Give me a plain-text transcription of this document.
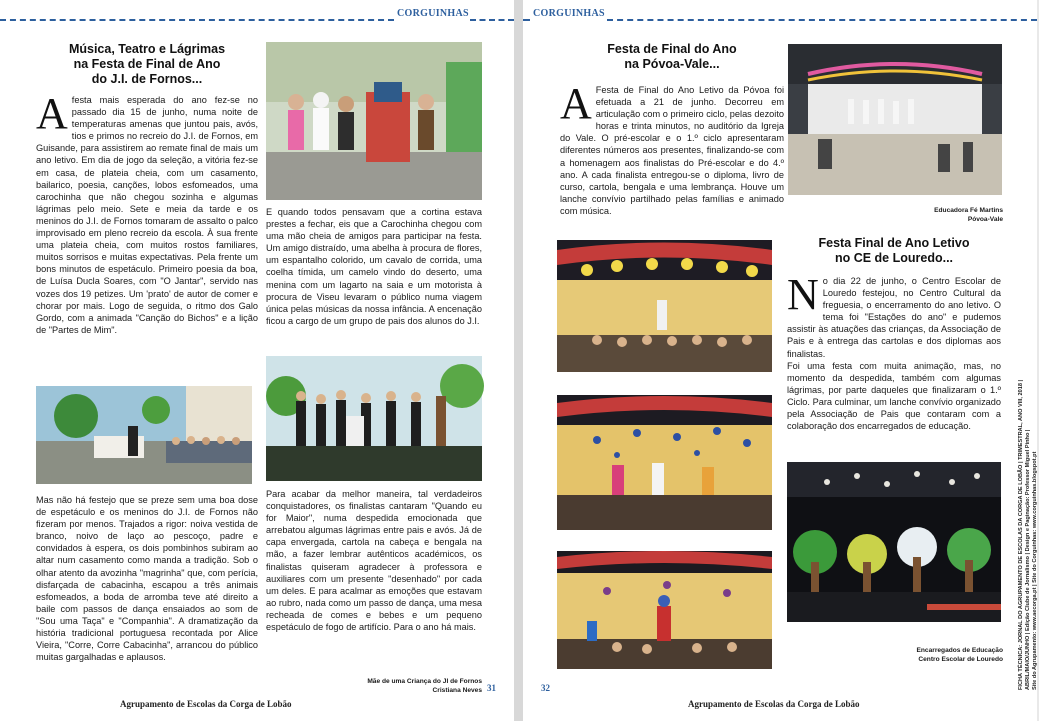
CORGUINHAS
Música, Teatro e Lágrimas
na Festa de Final de Ano
do J.I. de Fornos...

Afesta mais esperada do ano fez-se no passado dia 15 de junho, numa noite de temperaturas amenas que juntou pais, avós, tios e primos no recreio do J.I. de Fornos, em Guisande, para assistirem ao remate final de mais um ano letivo. Em dia de jogo da seleção, a vitória fez-se em casa, de plateia cheia, com um casamento, bailarico, poesia, canções, lobos esfomeados, uma carochinha que não chegou sozinha e algumas lágrimas pelo meio. Sete e meia da tarde e os meninos do J.I. de Fornos tomaram de assalto o palco improvisado em pleno recreio da escola. À sua frente uma plateia cheia, com muitos rostos familiares, muitos sorrisos e muitas expectativas. Pela frente um bons minutos de espetáculo. Primeiro poesia da boa, de Luísa Ducla Soares, com "O Jantar", servido nas vozes dos 19 petizes. Um 'prato' de autor de comer e chorar por mais. Logo de seguida, o ritmo dos Galo Gordo, com a animada "Canção do Bichos" e a lição de "Partes de Mim".

Mas não há festejo que se preze sem uma boa dose de espetáculo e os meninos do J.I. de Fornos não fizeram por menos. Trajados a rigor: noiva vestida de branco, noivo de laço ao pescoço, padre e convidados à espera, os dois pombinhos subiram ao altar num casamento como manda a tradição. Sob o olhar atento da avozinha "magrinha" que, com perícia, disfarçada de cabacinha, escapou a três animais esfomeados, a boda de arromba teve até direito a baile com passos de dança ensaiados ao som de "Sou uma Taça" e "Companhia". A dramatização da história tradicional portuguesa recontada por Alice Vieira, "Corre, Corre Cabacinha", arrancou do público muitas gargalhadas e aplausos.

E quando todos pensavam que a cortina estava prestes a fechar, eis que a Carochinha chegou com uma mão cheia de amigos para participar na festa. Um amigo distraído, uma abelha à procura de flores, um espantalho colorido, um cavalo de corrida, uma coelha tímida, um camelo vindo do deserto, uma menina com um lagarto na saia e um motorista à procura de Viseu levaram o público numa viagem única pelas músicas da nossa infância. A encenação ficou a cargo de um grupo de pais dos alunos do J.I.

Para acabar da melhor maneira, tal verdadeiros conquistadores, os finalistas cantaram "Quando eu for Maior", numa despedida emocionada que arrebatou algumas lágrimas entre pais e avós. Já de capa envergada, cartola na cabeça e bengala na mão, a fazer lembrar autênticos académicos, os finalistas quiseram agradecer à professora e auxiliares com um presente "desenhado" por cada um deles. E para acalmar as emoções que estavam ao rubro, nada como um passo de dança, uma mesa recheada de comes e bebes e um pequeno espetáculo de fogo de artifício. Para o ano há mais.

Mãe de uma Criança do JI de Fornos
Cristiana Neves
Agrupamento de Escolas da Corga de Lobão
31
CORGUINHAS
Festa de Final do Ano
na Póvoa-Vale...

A Festa de Final do Ano Letivo da Póvoa foi efetuada a 21 de junho. Decorreu em articulação com o primeiro ciclo, pelas dezoito horas e trinta minutos, no auditório da Igreja do Vale. O pré-escolar e o 1.º ciclo apresentaram diferentes números aos presentes, finalizando-se com a homenagem aos finalistas do Pré-escolar e do 4.º ano. A cada finalista entregou-se o diploma, livro de curso, cartola, bengala e uma lembrança. Houve um lanche convívio partilhado pelas famílias e animado com música.	Educadora Fé Martins
Póvoa-Vale
Festa Final de Ano Letivo
no CE de Louredo...

No dia 22 de junho, o Centro Escolar de Louredo festejou, no Centro Cultural da freguesia, o encerramento do ano letivo. O tema foi "Estações do ano" e pudemos assistir às atuações das crianças, da Associação de Pais e à entrega das cartolas e dos diplomas aos finalistas.

Foi uma festa com muita animação, mas, no momento da despedida, também com algumas lágrimas, por parte daqueles que finalizaram o 1.º Ciclo. Para culminar, um lanche convívio organizado pela Associação de Pais que contaram com a colaboração dos encarregados de educação.

Encarregados de Educação
Centro Escolar de Louredo
32
Agrupamento de Escolas da Corga de Lobão
FICHA TÉCNICA: JORNAL DO AGRUPAMENTO DE ESCOLAS DA CORGA DE LOBÃO | TRIMESTRAL, ANO VIII, 2018 | ABRIL/MAIO/JUNHO | Edição Clube de Jornalismo | Design e Paginação: Professor Miguel Pinho | Site do Agrupamento: www.aecorga.pt | Site do Corguinhas: www.corguinhas.blogspot.pt
